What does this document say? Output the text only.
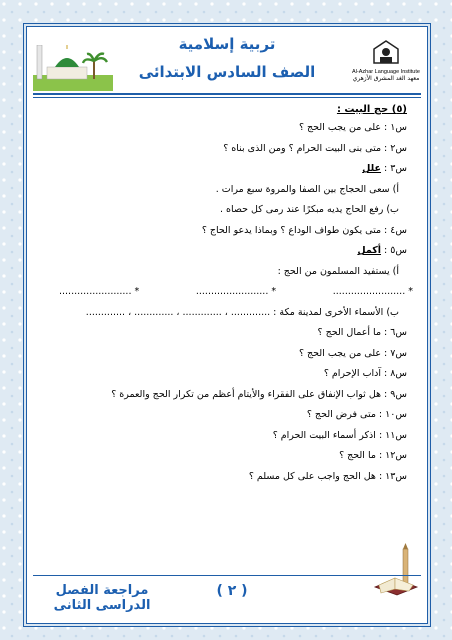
تربية إسلامية
الصف السادس الابتدائى	Al-Azhar Language Institute
معهد الغد المشرق الأزهري
(٥) حج البيت :
س١ : على من يجب الحج ؟
س٢ : متى بنى البيت الحرام ؟ ومن الذى بناه ؟
س٣ : علل
أ) سعى الحجاج بين الصفا والمروة سبع مرات .
ب) رفع الحاج يديه مبكرًا عند رمى كل حصاه .
س٤ : متى يكون طواف الوداع ؟ وبماذا يدعو الحاج ؟
س٥ : أكمل
أ) يستفيد المسلمون من الحج :
* ........................
* ........................
* ........................
ب) الأسماء الأخرى لمدينة مكة : ............. ، ............. ، ............. ، .............
س٦ : ما أعمال الحج ؟
س٧ : على من يجب الحج ؟
س٨ : آداب الإحرام ؟
س٩ : هل ثواب الإنفاق على الفقراء والأيتام أعظم من تكرار الحج والعمرة ؟
س١٠ : متى فرض الحج ؟
س١١ : اذكر أسماء البيت الحرام ؟
س١٢ : ما الحج ؟
س١٣ : هل الحج واجب على كل مسلم ؟
( ٢ )
مراجعة الفصل الدراسى الثانى
